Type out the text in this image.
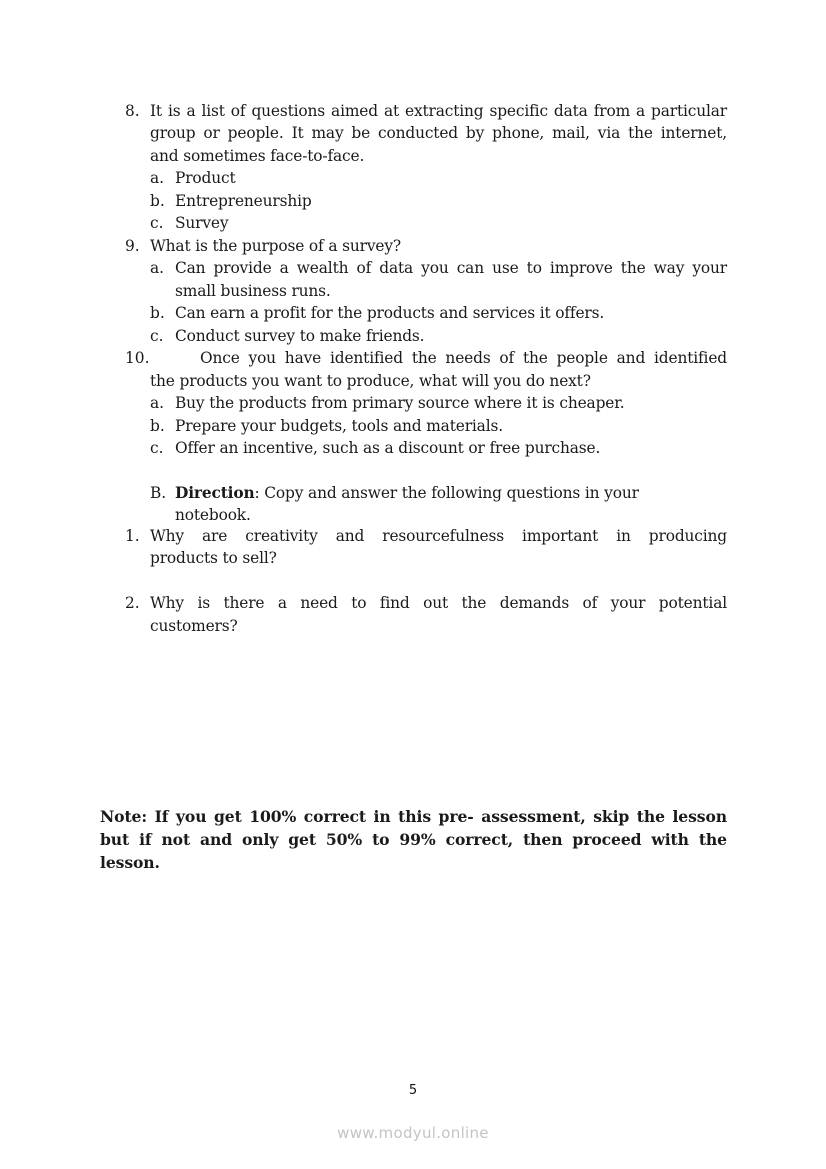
8. It is a list of questions aimed at extracting specific data from a particular
group or people. It may be conducted by phone, mail, via the internet,
and sometimes face-to-face.
a. Product
b. Entrepreneurship
c. Survey
9. What is the purpose of a survey?
a. Can provide a wealth of data you can use to improve the way your
small business runs.
b. Can earn a profit for the products and services it offers.
c. Conduct survey to make friends.
10.	Once you have identified the needs of the people and identified
the products you want to produce, what will you do next?
a. Buy the products from primary source where it is cheaper.
b. Prepare your budgets, tools and materials.
c. Offer an incentive, such as a discount or free purchase.
B. Direction: Copy and answer the following questions in your
notebook.
1. Why are creativity and resourcefulness important in producing
products to sell?
2. Why is there a need to find out the demands of your potential
customers?
Note: If you get 100% correct in this pre- assessment, skip the lesson
but if not and only get 50% to 99% correct, then proceed with the lesson.
5
www.modyul.online
